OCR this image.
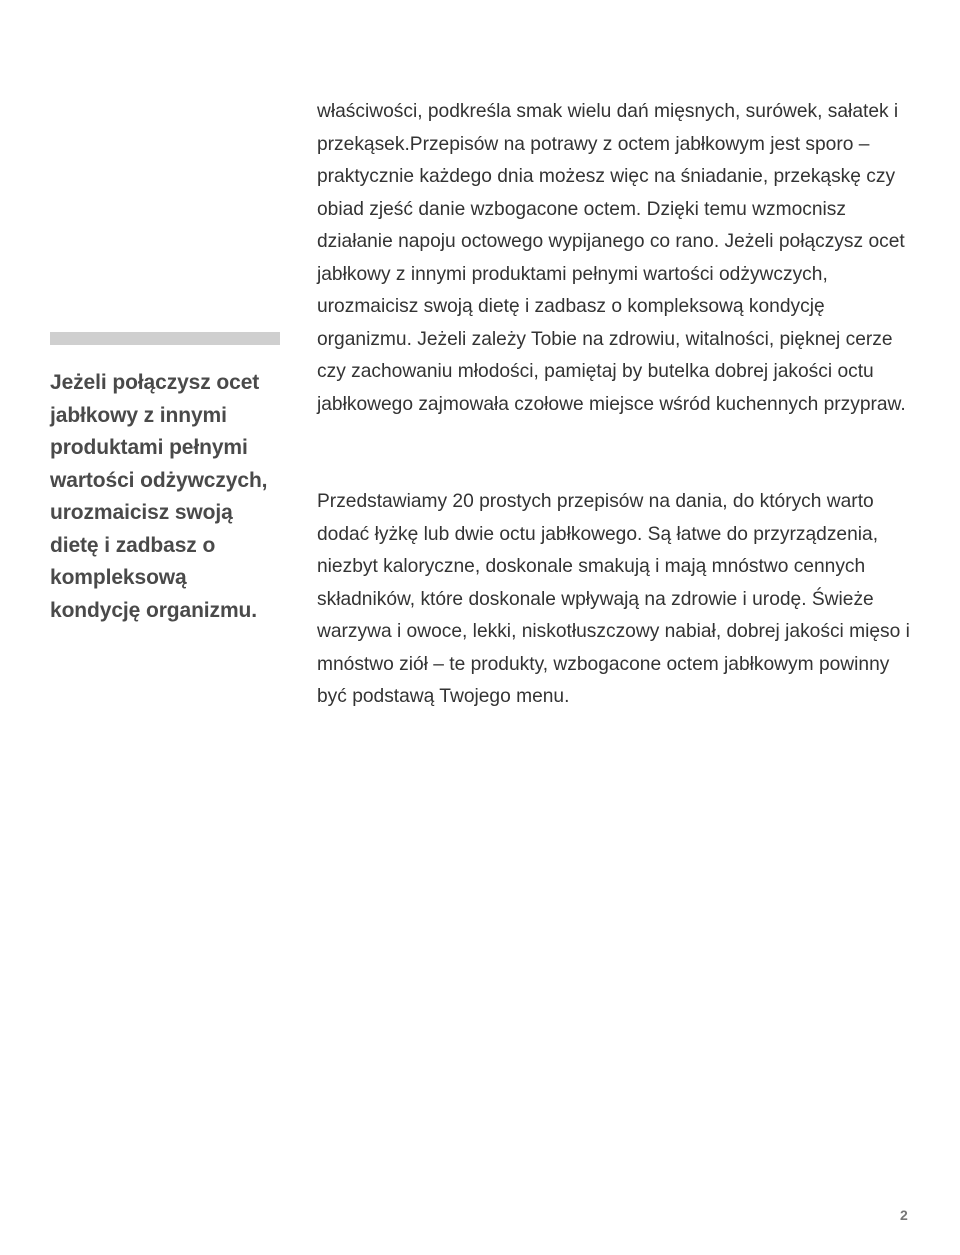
Jeżeli połączysz ocet jabłkowy z innymi produktami pełnymi wartości odżywczych, urozmaicisz swoją dietę i zadbasz o kompleksową kondycję organizmu.

właściwości, podkreśla smak wielu dań mięsnych, surówek, sałatek i przekąsek.Przepisów na potrawy z octem jabłkowym jest sporo – praktycznie każdego dnia możesz więc na śniadanie, przekąskę czy obiad zjeść danie wzbogacone octem. Dzięki temu wzmocnisz działanie napoju octowego wypijanego co rano. Jeżeli połączysz ocet jabłkowy z innymi produktami pełnymi wartości odżywczych, urozmaicisz swoją dietę i zadbasz o kompleksową kondycję organizmu. Jeżeli zależy Tobie na zdrowiu, witalności, pięknej cerze czy zachowaniu młodości, pamiętaj by butelka dobrej jakości octu jabłkowego zajmowała czołowe miejsce wśród kuchennych przypraw.

Przedstawiamy 20 prostych przepisów na dania, do których warto dodać łyżkę lub dwie octu jabłkowego. Są łatwe do przyrządzenia, niezbyt kaloryczne, doskonale smakują i mają mnóstwo cennych składników, które doskonale wpływają na zdrowie i urodę. Świeże warzywa i owoce, lekki, niskotłuszczowy nabiał, dobrej jakości mięso i mnóstwo ziół – te produkty, wzbogacone octem jabłkowym powinny być podstawą Twojego menu.

2
